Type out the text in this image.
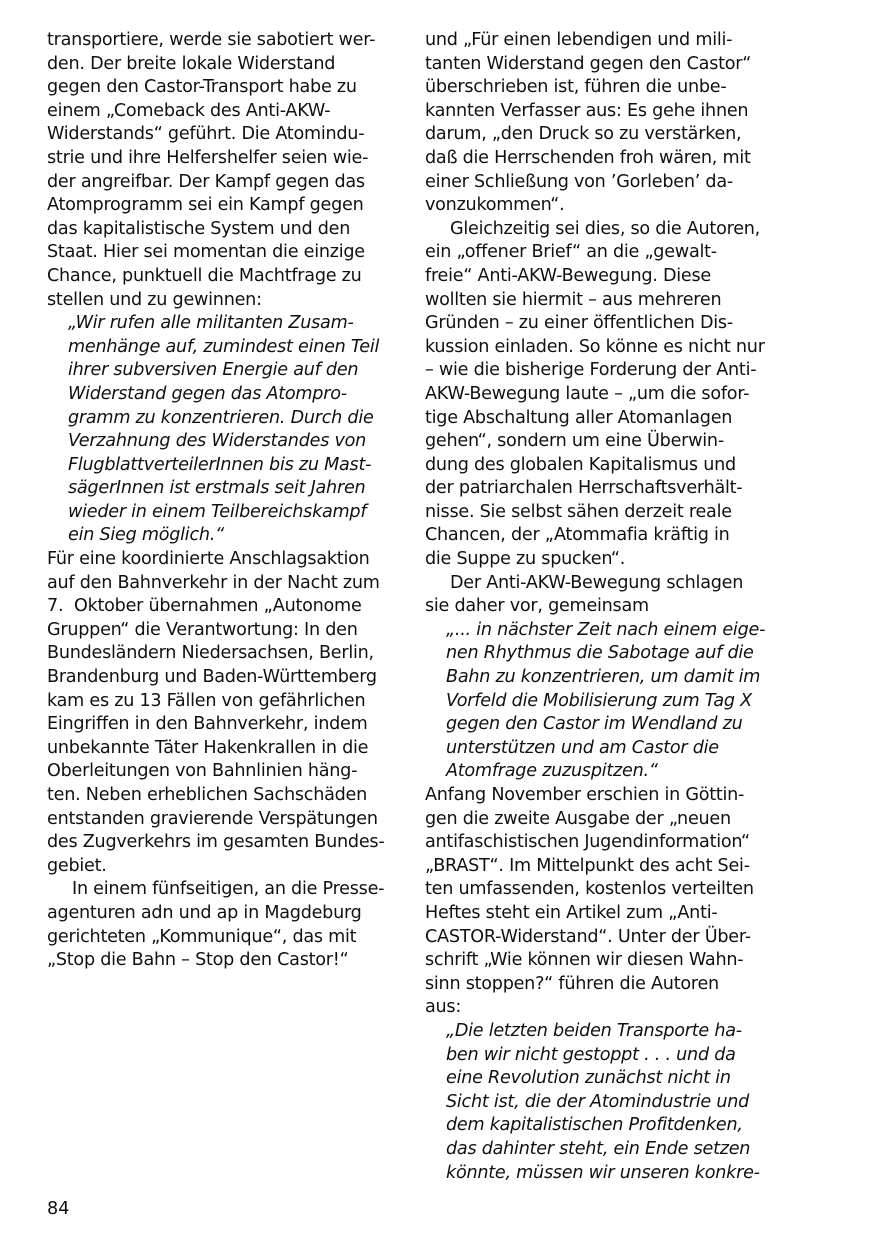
transportiere, werde sie sabotiert wer-
den. Der breite lokale Widerstand
gegen den Castor-Transport habe zu
einem „Comeback des Anti-AKW-
Widerstands“ geführt. Die Atomindu-
strie und ihre Helfershelfer seien wie-
der angreifbar. Der Kampf gegen das
Atomprogramm sei ein Kampf gegen
das kapitalistische System und den
Staat. Hier sei momentan die einzige
Chance, punktuell die Machtfrage zu
stellen und zu gewinnen:
„Wir rufen alle militanten Zusam-
menhänge auf, zumindest einen Teil
ihrer subversiven Energie auf den
Widerstand gegen das Atompro-
gramm zu konzentrieren. Durch die
Verzahnung des Widerstandes von
FlugblattverteilerInnen bis zu Mast-
sägerInnen ist erstmals seit Jahren
wieder in einem Teilbereichskampf
ein Sieg möglich.“
Für eine koordinierte Anschlagsaktion
auf den Bahnverkehr in der Nacht zum
7.  Oktober übernahmen „Autonome
Gruppen“ die Verantwortung: In den
Bundesländern Niedersachsen, Berlin,
Brandenburg und Baden-Württemberg
kam es zu 13 Fällen von gefährlichen
Eingriffen in den Bahnverkehr, indem
unbekannte Täter Hakenkrallen in die
Oberleitungen von Bahnlinien häng-
ten. Neben erheblichen Sachschäden
entstanden gravierende Verspätungen
des Zugverkehrs im gesamten Bundes-
gebiet.
In einem fünfseitigen, an die Presse-
agenturen adn und ap in Magdeburg
gerichteten „Kommunique“, das mit
„Stop die Bahn – Stop den Castor!“
und „Für einen lebendigen und mili-
tanten Widerstand gegen den Castor“
überschrieben ist, führen die unbe-
kannten Verfasser aus: Es gehe ihnen
darum, „den Druck so zu verstärken,
daß die Herrschenden froh wären, mit
einer Schließung von ’Gorleben’ da-
vonzukommen“.
Gleichzeitig sei dies, so die Autoren,
ein „offener Brief“ an die „gewalt-
freie“ Anti-AKW-Bewegung. Diese
wollten sie hiermit – aus mehreren
Gründen – zu einer öffentlichen Dis-
kussion einladen. So könne es nicht nur
– wie die bisherige Forderung der Anti-
AKW-Bewegung laute – „um die sofor-
tige Abschaltung aller Atomanlagen
gehen“, sondern um eine Überwin-
dung des globalen Kapitalismus und
der patriarchalen Herrschaftsverhält-
nisse. Sie selbst sähen derzeit reale
Chancen, der „Atommafia kräftig in
die Suppe zu spucken“.
Der Anti-AKW-Bewegung schlagen
sie daher vor, gemeinsam
„... in nächster Zeit nach einem eige-
nen Rhythmus die Sabotage auf die
Bahn zu konzentrieren, um damit im
Vorfeld die Mobilisierung zum Tag X
gegen den Castor im Wendland zu
unterstützen und am Castor die
Atomfrage zuzuspitzen.“
Anfang November erschien in Göttin-
gen die zweite Ausgabe der „neuen
antifaschistischen Jugendinformation“
„BRAST“. Im Mittelpunkt des acht Sei-
ten umfassenden, kostenlos verteilten
Heftes steht ein Artikel zum „Anti-
CASTOR-Widerstand“. Unter der Über-
schrift „Wie können wir diesen Wahn-
sinn stoppen?“ führen die Autoren
aus:
„Die letzten beiden Transporte ha-
ben wir nicht gestoppt . . . und da
eine Revolution zunächst nicht in
Sicht ist, die der Atomindustrie und
dem kapitalistischen Profitdenken,
das dahinter steht, ein Ende setzen
könnte, müssen wir unseren konkre-
84
